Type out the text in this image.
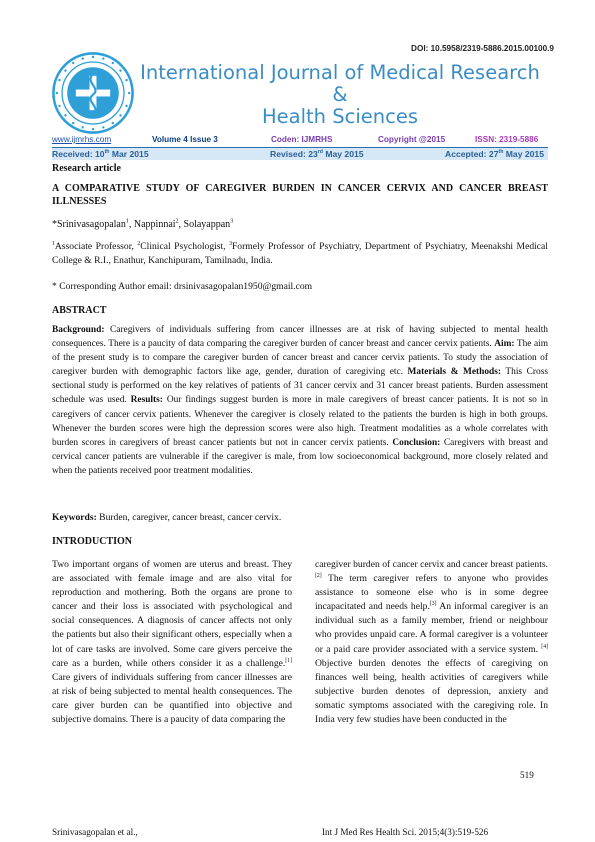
DOI: 10.5958/2319-5886.2015.00100.9
International Journal of Medical Research
&
Health Sciences
www.ijmrhs.com	Volume 4 Issue 3	Coden: IJMRHS	Copyright @2015	ISSN: 2319-5886
Received: 10th Mar 2015	Revised: 23rd May 2015	Accepted: 27th May 2015
Research article
A COMPARATIVE STUDY OF CAREGIVER BURDEN IN CANCER CERVIX AND CANCER BREAST ILLNESSES
*Srinivasagopalan$^1$, Nappinnai$^2$, Solayappan$^3$
$^1$Associate Professor, $^2$Clinical Psychologist, $^3$Formely Professor of Psychiatry, Department of Psychiatry, Meenakshi Medical College & R.I., Enathur, Kanchipuram, Tamilnadu, India.
* Corresponding Author email: drsinivasagopalan1950@gmail.com
ABSTRACT
Background: Caregivers of individuals suffering from cancer illnesses are at risk of having subjected to mental health consequences. There is a paucity of data comparing the caregiver burden of cancer breast and cancer cervix patients. Aim: The aim of the present study is to compare the caregiver burden of cancer breast and cancer cervix patients. To study the association of caregiver burden with demographic factors like age, gender, duration of caregiving etc. Materials & Methods: This Cross sectional study is performed on the key relatives of patients of 31 cancer cervix and 31 cancer breast patients. Burden assessment schedule was used. Results: Our findings suggest burden is more in male caregivers of breast cancer patients. It is not so in caregivers of cancer cervix patients. Whenever the caregiver is closely related to the patients the burden is high in both groups. Whenever the burden scores were high the depression scores were also high. Treatment modalities as a whole correlates with burden scores in caregivers of breast cancer patients but not in cancer cervix patients. Conclusion: Caregivers with breast and cervical cancer patients are vulnerable if the caregiver is male, from low socioeconomical background, more closely related and when the patients received poor treatment modalities.
Keywords: Burden, caregiver, cancer breast, cancer cervix.
INTRODUCTION
Two important organs of women are uterus and breast. They are associated with female image and are also vital for reproduction and mothering. Both the organs are prone to cancer and their loss is associated with psychological and social consequences. A diagnosis of cancer affects not only the patients but also their significant others, especially when a lot of care tasks are involved. Some care givers perceive the care as a burden, while others consider it as a challenge.[1] Care givers of individuals suffering from cancer illnesses are at risk of being subjected to mental health consequences. The care giver burden can be quantified into objective and subjective domains. There is a paucity of data comparing the
caregiver burden of cancer cervix and cancer breast patients. [2] The term caregiver refers to anyone who provides assistance to someone else who is in some degree incapacitated and needs help.[3] An informal caregiver is an individual such as a family member, friend or neighbour who provides unpaid care. A formal caregiver is a volunteer or a paid care provider associated with a service system. [4] Objective burden denotes the effects of caregiving on finances well being, health activities of caregivers while subjective burden denotes of depression, anxiety and somatic symptoms associated with the caregiving role. In India very few studies have been conducted in the
519
Srinivasagopalan et al.,	Int J Med Res Health Sci. 2015;4(3):519-526
